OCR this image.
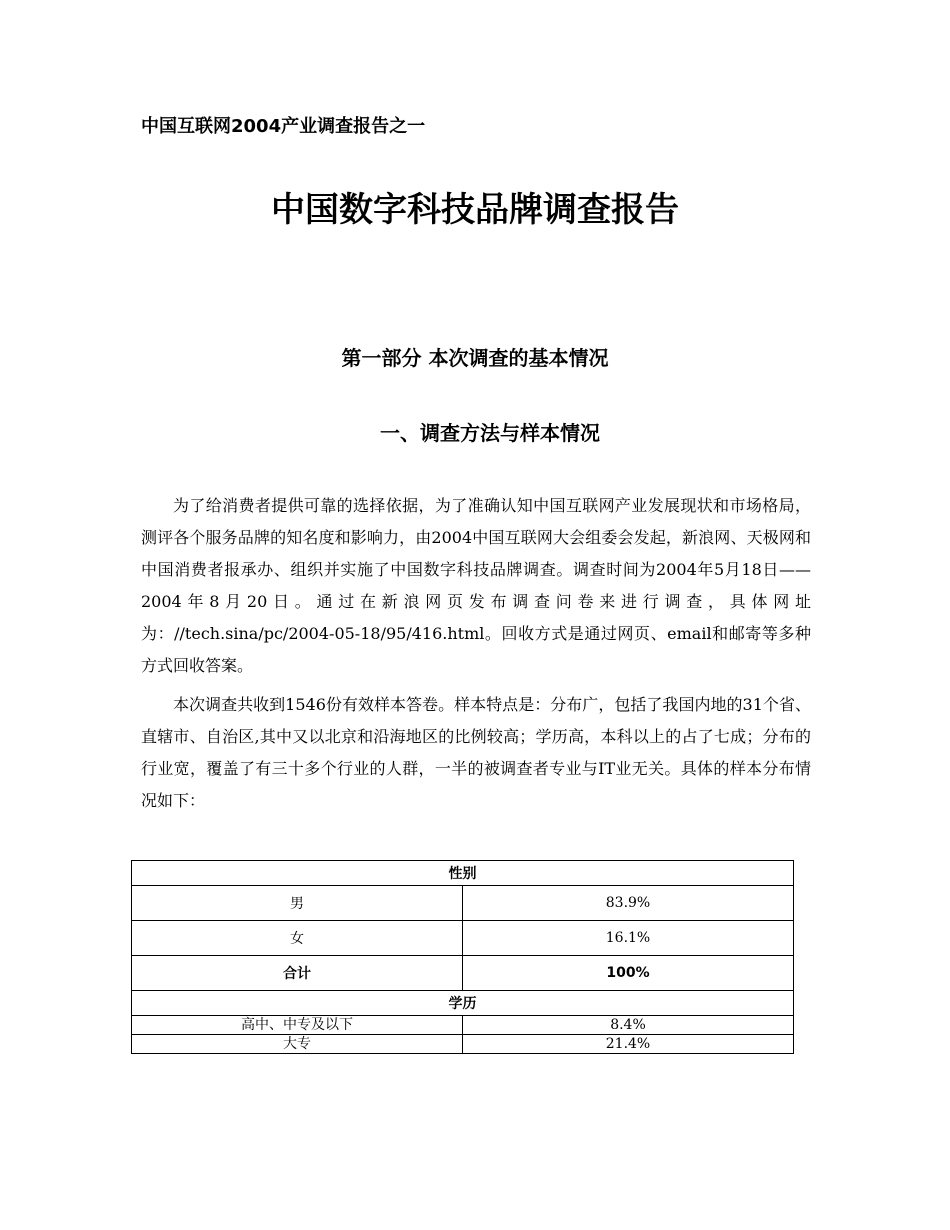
中国互联网2004产业调查报告之一
中国数字科技品牌调查报告
第一部分 本次调查的基本情况
一、调查方法与样本情况

为了给消费者提供可靠的选择依据，为了准确认知中国互联网产业发展现状和市场格局，测评各个服务品牌的知名度和影响力，由2004中国互联网大会组委会发起，新浪网、天极网和中国消费者报承办、组织并实施了中国数字科技品牌调查。调查时间为2004年5月18日——2004年8月20日。通过在新浪网页发布调查问卷来进行调查，具体网址为：//tech.sina/pc/2004-05-18/95/416.html。回收方式是通过网页、email和邮寄等多种方式回收答案。

本次调查共收到1546份有效样本答卷。样本特点是：分布广，包括了我国内地的31个省、直辖市、自治区,其中又以北京和沿海地区的比例较高；学历高，本科以上的占了七成；分布的行业宽，覆盖了有三十多个行业的人群，一半的被调查者专业与IT业无关。具体的样本分布情况如下：

性别	
男	83.9%
女	16.1%
合计	100%
学历	
高中、中专及以下	8.4%
大专	21.4%
